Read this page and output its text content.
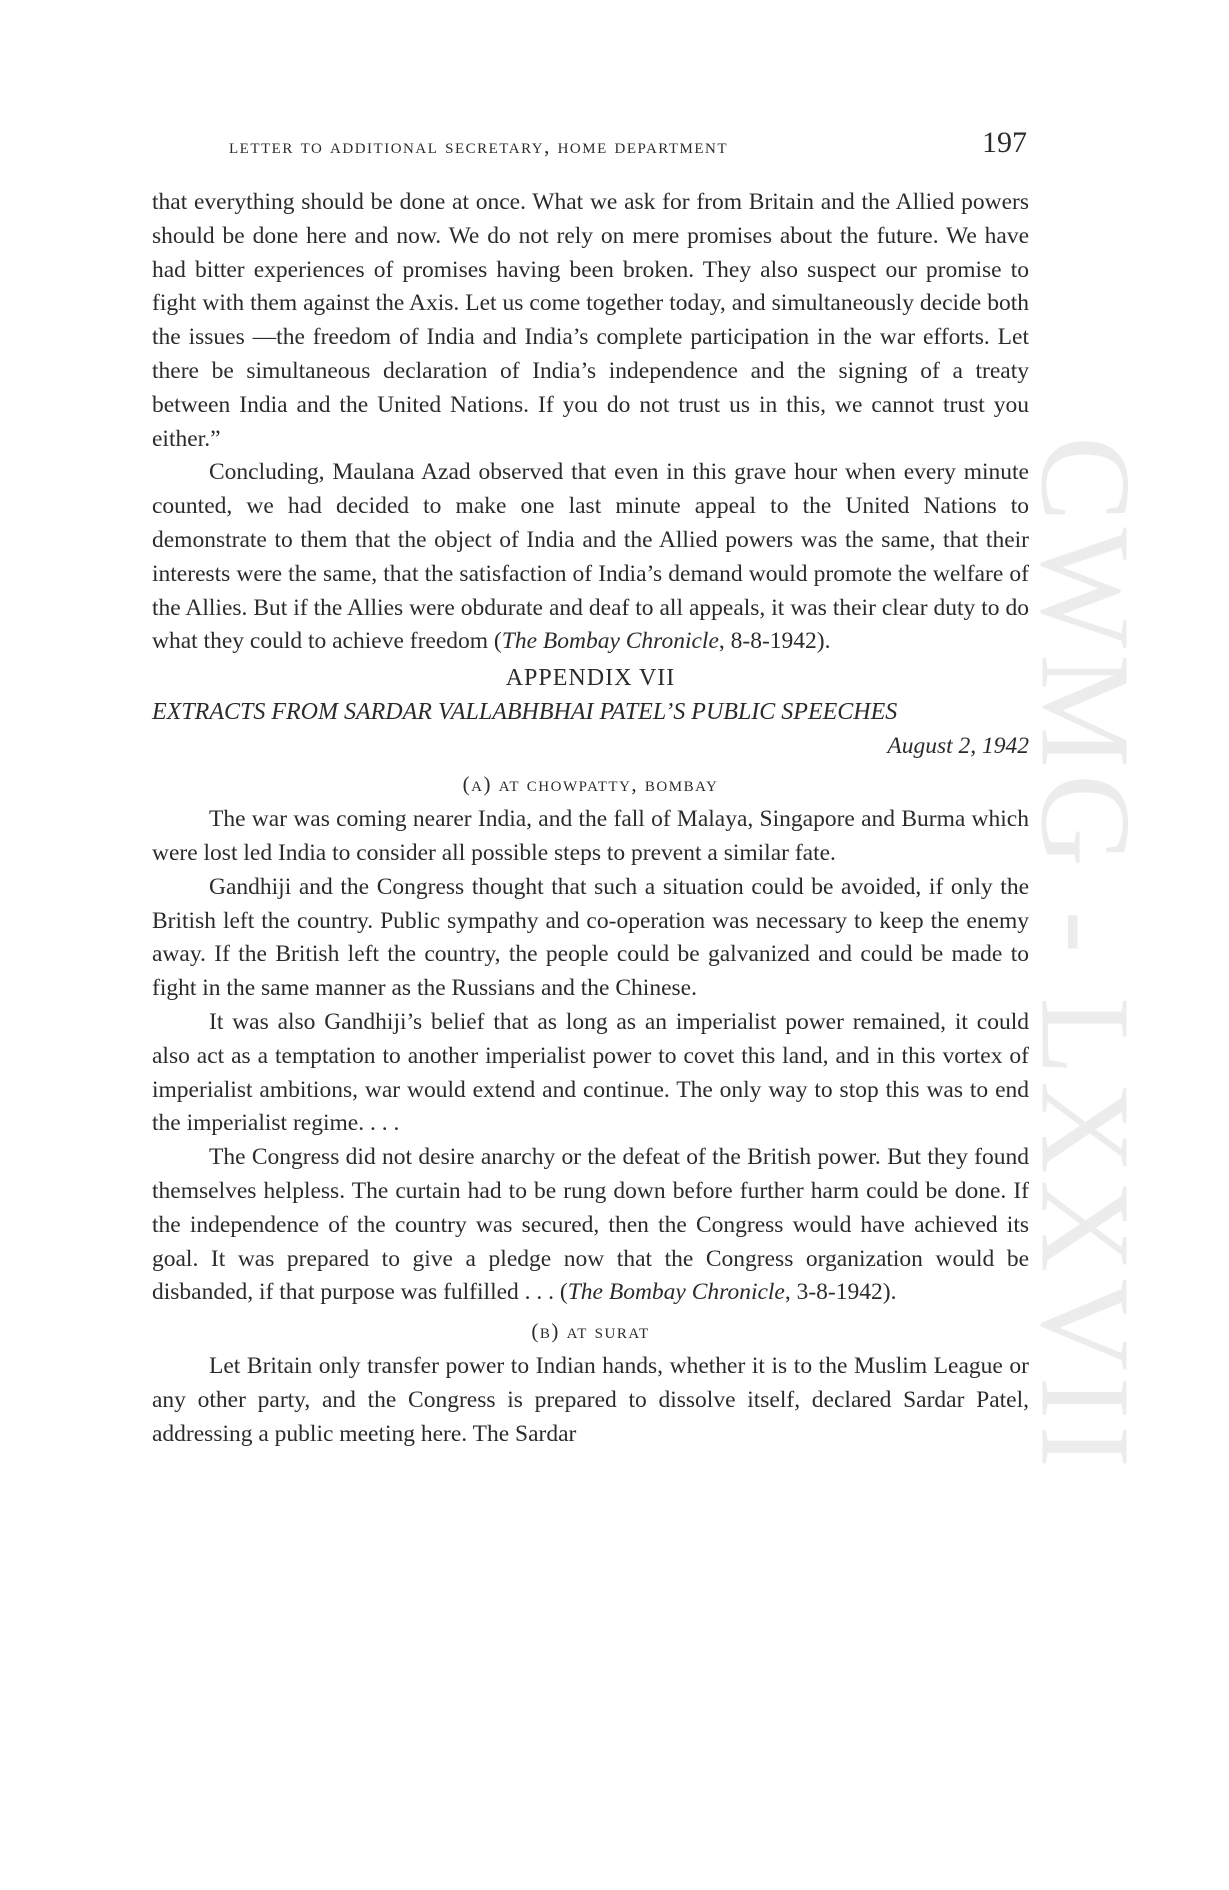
CWMG - LXXVII
letter to additional secretary, home department	197

that everything should be done at once. What we ask for from Britain and the Allied powers should be done here and now. We do not rely on mere promises about the future. We have had bitter experiences of promises having been broken. They also suspect our promise to fight with them against the Axis. Let us come together today, and simultaneously decide both the issues —the freedom of India and India’s complete participation in the war efforts. Let there be simultaneous declaration of India’s independence and the signing of a treaty between India and the United Nations. If you do not trust us in this, we cannot trust you either.”

Concluding, Maulana Azad observed that even in this grave hour when every minute counted, we had decided to make one last minute appeal to the United Nations to demonstrate to them that the object of India and the Allied powers was the same, that their interests were the same, that the satisfaction of India’s demand would promote the welfare of the Allies. But if the Allies were obdurate and deaf to all appeals, it was their clear duty to do what they could to achieve freedom (The Bombay Chronicle, 8-8-1942).

APPENDIX VII
EXTRACTS FROM SARDAR VALLABHBHAI PATEL’S PUBLIC SPEECHES
August 2, 1942
(a) at chowpatty, bombay

The war was coming nearer India, and the fall of Malaya, Singapore and Burma which were lost led India to consider all possible steps to prevent a similar fate.

Gandhiji and the Congress thought that such a situation could be avoided, if only the British left the country. Public sympathy and co-operation was necessary to keep the enemy away. If the British left the country, the people could be galvanized and could be made to fight in the same manner as the Russians and the Chinese.

It was also Gandhiji’s belief that as long as an imperialist power remained, it could also act as a temptation to another imperialist power to covet this land, and in this vortex of imperialist ambitions, war would extend and continue. The only way to stop this was to end the imperialist regime. . . .

The Congress did not desire anarchy or the defeat of the British power. But they found themselves helpless. The curtain had to be rung down before further harm could be done. If the independence of the country was secured, then the Congress would have achieved its goal. It was prepared to give a pledge now that the Congress organization would be disbanded, if that purpose was fulfilled . . . (The Bombay Chronicle, 3-8-1942).

(b) at surat

Let Britain only transfer power to Indian hands, whether it is to the Muslim League or any other party, and the Congress is prepared to dissolve itself, declared Sardar Patel, addressing a public meeting here. The Sardar
